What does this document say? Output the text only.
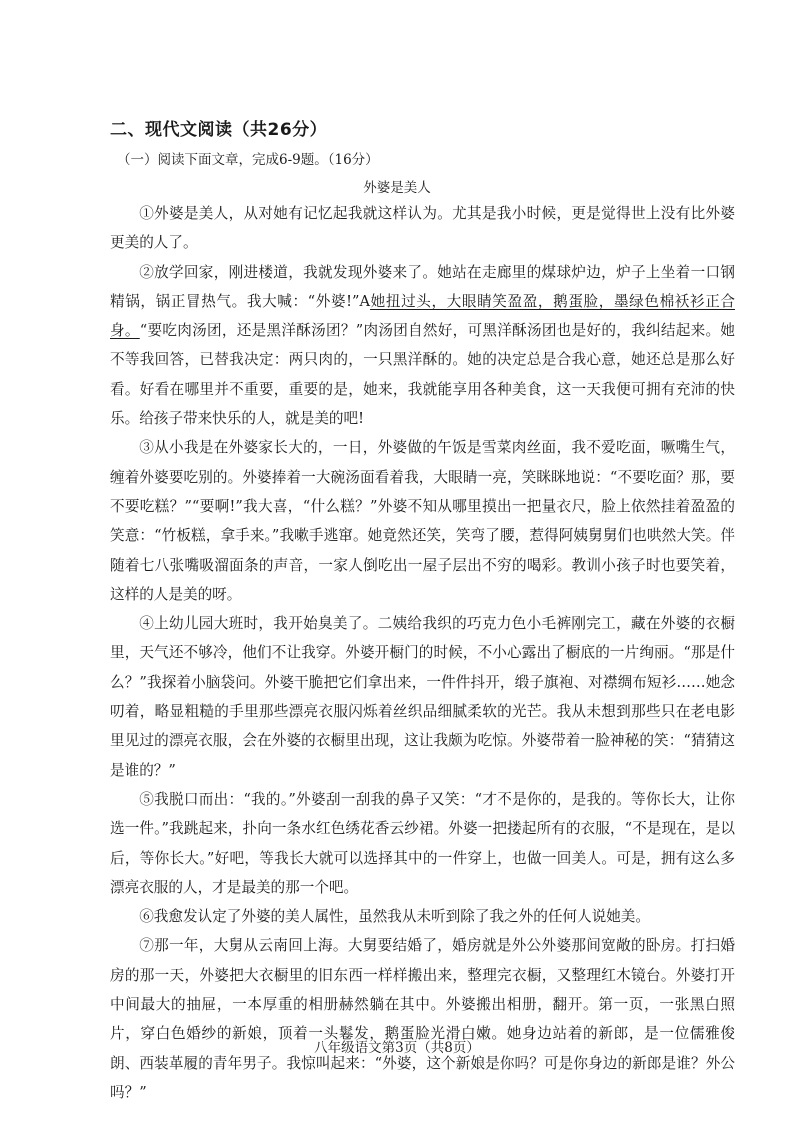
二、现代文阅读（共26分）
（一）阅读下面文章，完成6-9题。（16分）
外婆是美人

①外婆是美人，从对她有记忆起我就这样认为。尤其是我小时候，更是觉得世上没有比外婆更美的人了。

②放学回家，刚进楼道，我就发现外婆来了。她站在走廊里的煤球炉边，炉子上坐着一口钢精锅，锅正冒热气。我大喊：“外婆!”A她扭过头，大眼睛笑盈盈，鹅蛋脸，墨绿色棉袄衫正合身。“要吃肉汤团，还是黑洋酥汤团？”肉汤团自然好，可黑洋酥汤团也是好的，我纠结起来。她不等我回答，已替我决定：两只肉的，一只黑洋酥的。她的决定总是合我心意，她还总是那么好看。好看在哪里并不重要，重要的是，她来，我就能享用各种美食，这一天我便可拥有充沛的快乐。给孩子带来快乐的人，就是美的吧!

③从小我是在外婆家长大的，一日，外婆做的午饭是雪菜肉丝面，我不爱吃面，噘嘴生气，缠着外婆要吃别的。外婆捧着一大碗汤面看着我，大眼睛一亮，笑眯眯地说：“不要吃面？那，要不要吃糕？”“要啊!”我大喜，“什么糕？”外婆不知从哪里摸出一把量衣尺，脸上依然挂着盈盈的笑意：“竹板糕，拿手来。”我嗽手逃窜。她竟然还笑，笑弯了腰，惹得阿姨舅舅们也哄然大笑。伴随着七八张嘴吸溜面条的声音，一家人倒吃出一屋子层出不穷的喝彩。教训小孩子时也要笑着，这样的人是美的呀。

④上幼儿园大班时，我开始臭美了。二姨给我织的巧克力色小毛裤刚完工，藏在外婆的衣橱里，天气还不够冷，他们不让我穿。外婆开橱门的时候，不小心露出了橱底的一片绚丽。“那是什么？”我探着小脑袋问。外婆干脆把它们拿出来，一件件抖开，缎子旗袍、对襟绸布短衫……她念叨着，略显粗糙的手里那些漂亮衣服闪烁着丝织品细腻柔软的光芒。我从未想到那些只在老电影里见过的漂亮衣服，会在外婆的衣橱里出现，这让我颇为吃惊。外婆带着一脸神秘的笑：“猜猜这是谁的？”

⑤我脱口而出：“我的。”外婆刮一刮我的鼻子又笑：“才不是你的，是我的。等你长大，让你选一件。”我跳起来，扑向一条水红色绣花香云纱裙。外婆一把搂起所有的衣服，“不是现在，是以后，等你长大。”好吧，等我长大就可以选择其中的一件穿上，也做一回美人。可是，拥有这么多漂亮衣服的人，才是最美的那一个吧。

⑥我愈发认定了外婆的美人属性，虽然我从未听到除了我之外的任何人说她美。

⑦那一年，大舅从云南回上海。大舅要结婚了，婚房就是外公外婆那间宽敞的卧房。打扫婚房的那一天，外婆把大衣橱里的旧东西一样样搬出来，整理完衣橱，又整理红木镜台。外婆打开中间最大的抽屉，一本厚重的相册赫然躺在其中。外婆搬出相册，翻开。第一页，一张黑白照片，穿白色婚纱的新娘，顶着一头鬈发，鹅蛋脸光滑白嫩。她身边站着的新郎，是一位儒雅俊朗、西装革履的青年男子。我惊叫起来：“外婆，这个新娘是你吗？可是你身边的新郎是谁？外公吗？”

八年级语文第3页（共8页）
